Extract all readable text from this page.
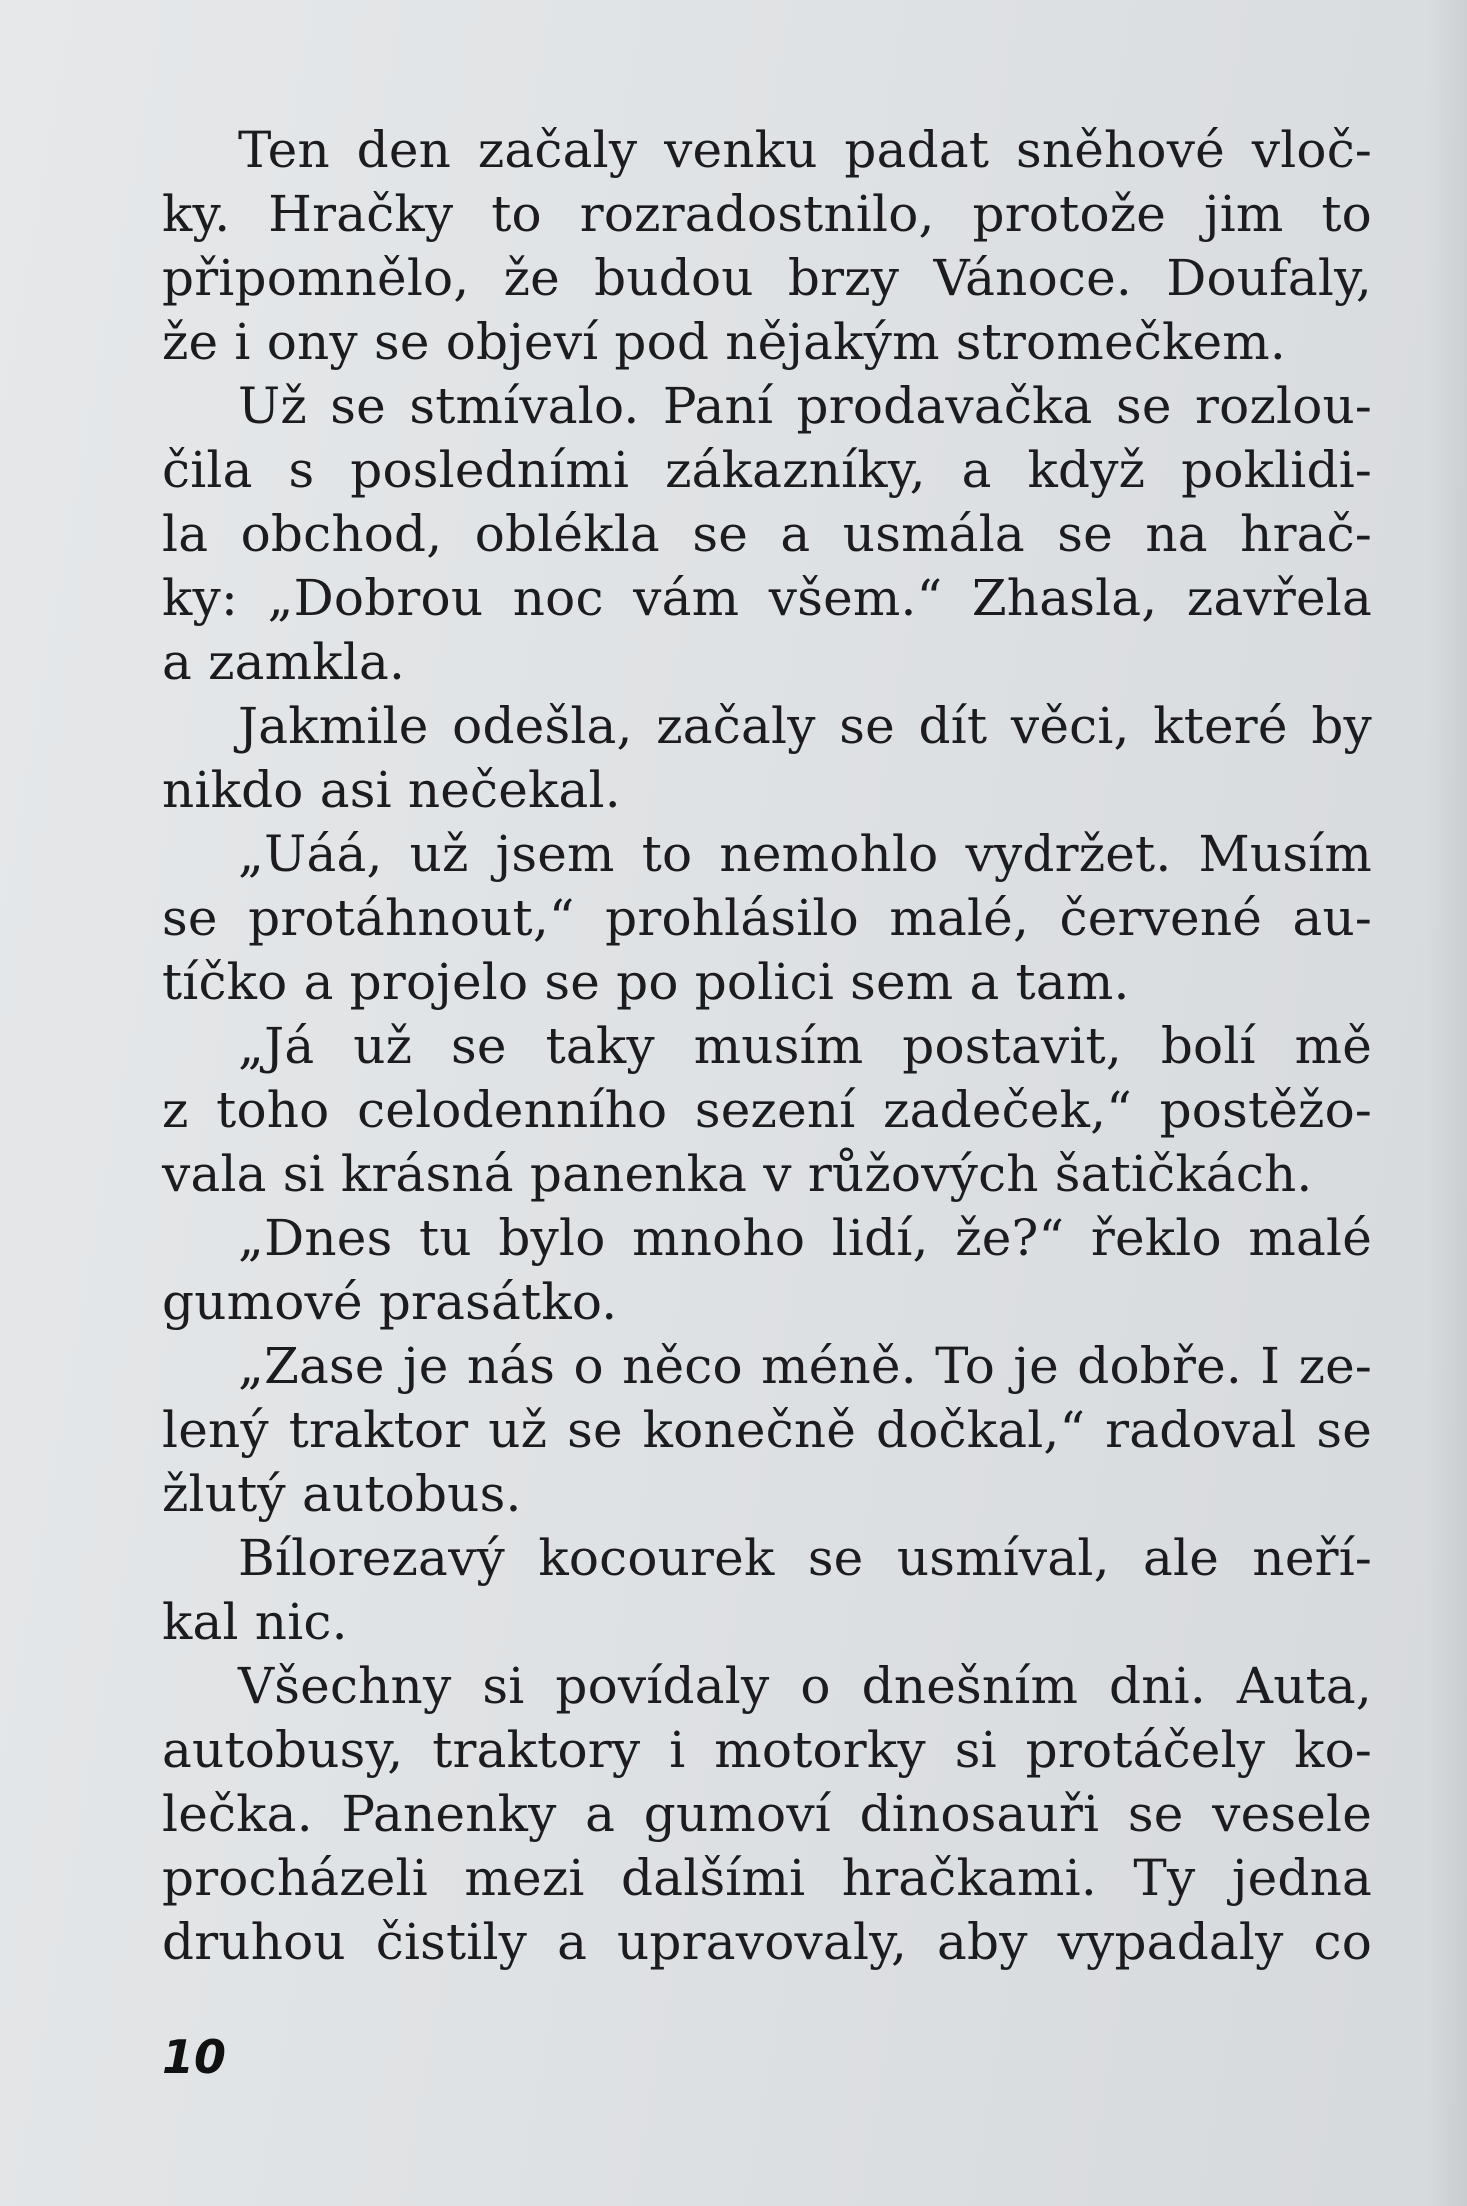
Ten den začaly venku padat sněhové vloč-
ky. Hračky to rozradostnilo, protože jim to
připomnělo, že budou brzy Vánoce. Doufaly,
že i ony se objeví pod nějakým stromečkem.
Už se stmívalo. Paní prodavačka se rozlou-
čila s posledními zákazníky, a když poklidi-
la obchod, oblékla se a usmála se na hrač-
ky: „Dobrou noc vám všem.“ Zhasla, zavřela
a zamkla.
Jakmile odešla, začaly se dít věci, které by
nikdo asi nečekal.
„Uáá, už jsem to nemohlo vydržet. Musím
se protáhnout,“ prohlásilo malé, červené au-
tíčko a projelo se po polici sem a tam.
„Já už se taky musím postavit, bolí mě
z toho celodenního sezení zadeček,“ postěžo-
vala si krásná panenka v růžových šatičkách.
„Dnes tu bylo mnoho lidí, že?“ řeklo malé
gumové prasátko.
„Zase je nás o něco méně. To je dobře. I ze-
lený traktor už se konečně dočkal,“ radoval se
žlutý autobus.
Bílorezavý kocourek se usmíval, ale neří-
kal nic.
Všechny si povídaly o dnešním dni. Auta,
autobusy, traktory i motorky si protáčely ko-
lečka. Panenky a gumoví dinosauři se vesele
procházeli mezi dalšími hračkami. Ty jedna
druhou čistily a upravovaly, aby vypadaly co
10
